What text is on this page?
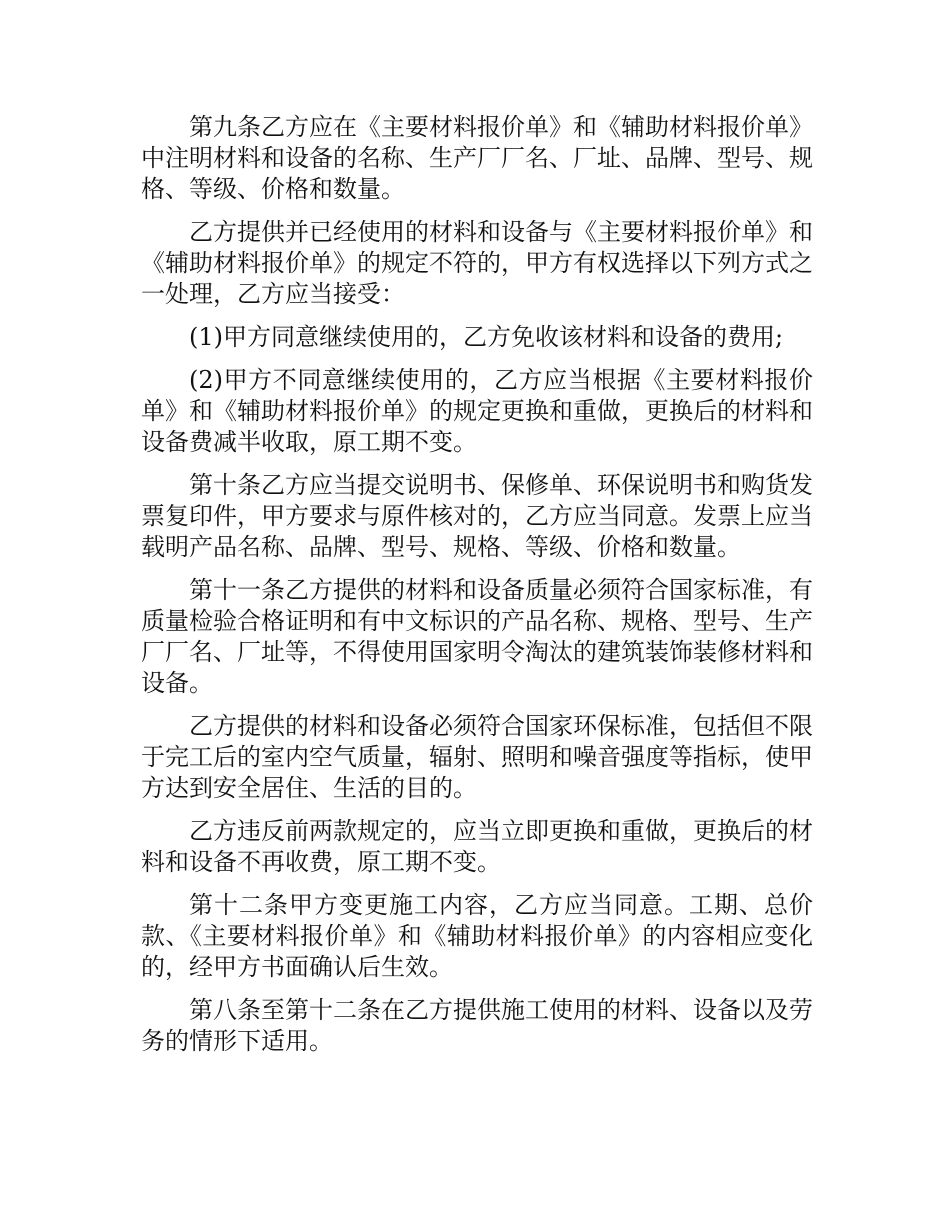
第九条乙方应在《主要材料报价单》和《辅助材料报价单》中注明材料和设备的名称、生产厂厂名、厂址、品牌、型号、规格、等级、价格和数量。

乙方提供并已经使用的材料和设备与《主要材料报价单》和《辅助材料报价单》的规定不符的，甲方有权选择以下列方式之一处理，乙方应当接受：

(1)甲方同意继续使用的，乙方免收该材料和设备的费用;

(2)甲方不同意继续使用的，乙方应当根据《主要材料报价单》和《辅助材料报价单》的规定更换和重做，更换后的材料和设备费减半收取，原工期不变。

第十条乙方应当提交说明书、保修单、环保说明书和购货发票复印件，甲方要求与原件核对的，乙方应当同意。发票上应当载明产品名称、品牌、型号、规格、等级、价格和数量。

第十一条乙方提供的材料和设备质量必须符合国家标准，有质量检验合格证明和有中文标识的产品名称、规格、型号、生产厂厂名、厂址等，不得使用国家明令淘汰的建筑装饰装修材料和设备。

乙方提供的材料和设备必须符合国家环保标准，包括但不限于完工后的室内空气质量，辐射、照明和噪音强度等指标，使甲方达到安全居住、生活的目的。

乙方违反前两款规定的，应当立即更换和重做，更换后的材料和设备不再收费，原工期不变。

第十二条甲方变更施工内容，乙方应当同意。工期、总价款、《主要材料报价单》和《辅助材料报价单》的内容相应变化的，经甲方书面确认后生效。

第八条至第十二条在乙方提供施工使用的材料、设备以及劳务的情形下适用。
